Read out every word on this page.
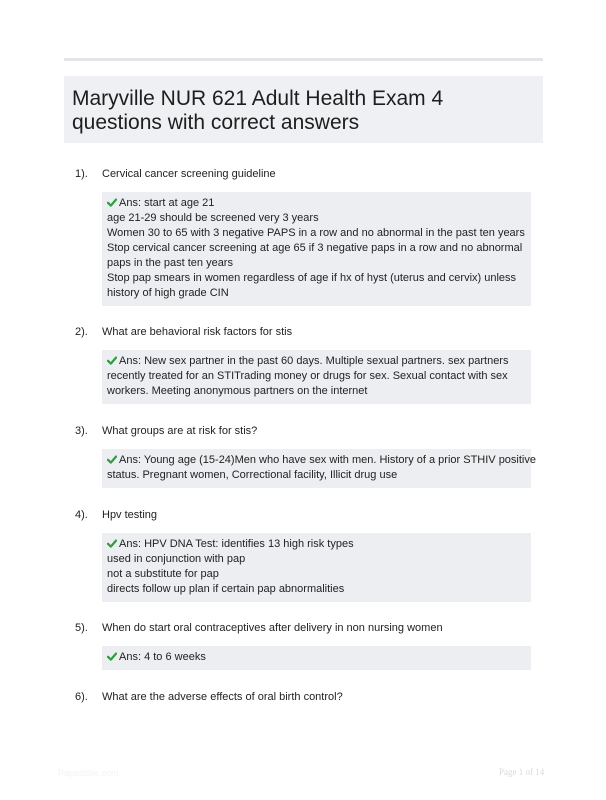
Maryville NUR 621 Adult Health Exam 4
questions with correct answers
1). Cervical cancer screening guideline
Ans: start at age 21
age 21-29 should be screened very 3 years
Women 30 to 65 with 3 negative PAPS in a row and no abnormal in the past ten years
Stop cervical cancer screening at age 65 if 3 negative paps in a row and no abnormal
paps in the past ten years
Stop pap smears in women regardless of age if hx of hyst (uterus and cervix) unless
history of high grade CIN
2). What are behavioral risk factors for stis
Ans: New sex partner in the past 60 days. Multiple sexual partners. sex partners
recently treated for an STITrading money or drugs for sex. Sexual contact with sex
workers. Meeting anonymous partners on the internet
3). What groups are at risk for stis?
Ans: Young age (15-24)Men who have sex with men. History of a prior STHIV positive
status. Pregnant women, Correctional facility, Illicit drug use
4). Hpv testing
Ans: HPV DNA Test: identifies 13 high risk types
used in conjunction with pap
not a substitute for pap
directs follow up plan if certain pap abnormalities
5). When do start oral contraceptives after delivery in non nursing women
Ans: 4 to 6 weeks
6). What are the adverse effects of oral birth control?
Paperbble.com	Page 1 of 14
